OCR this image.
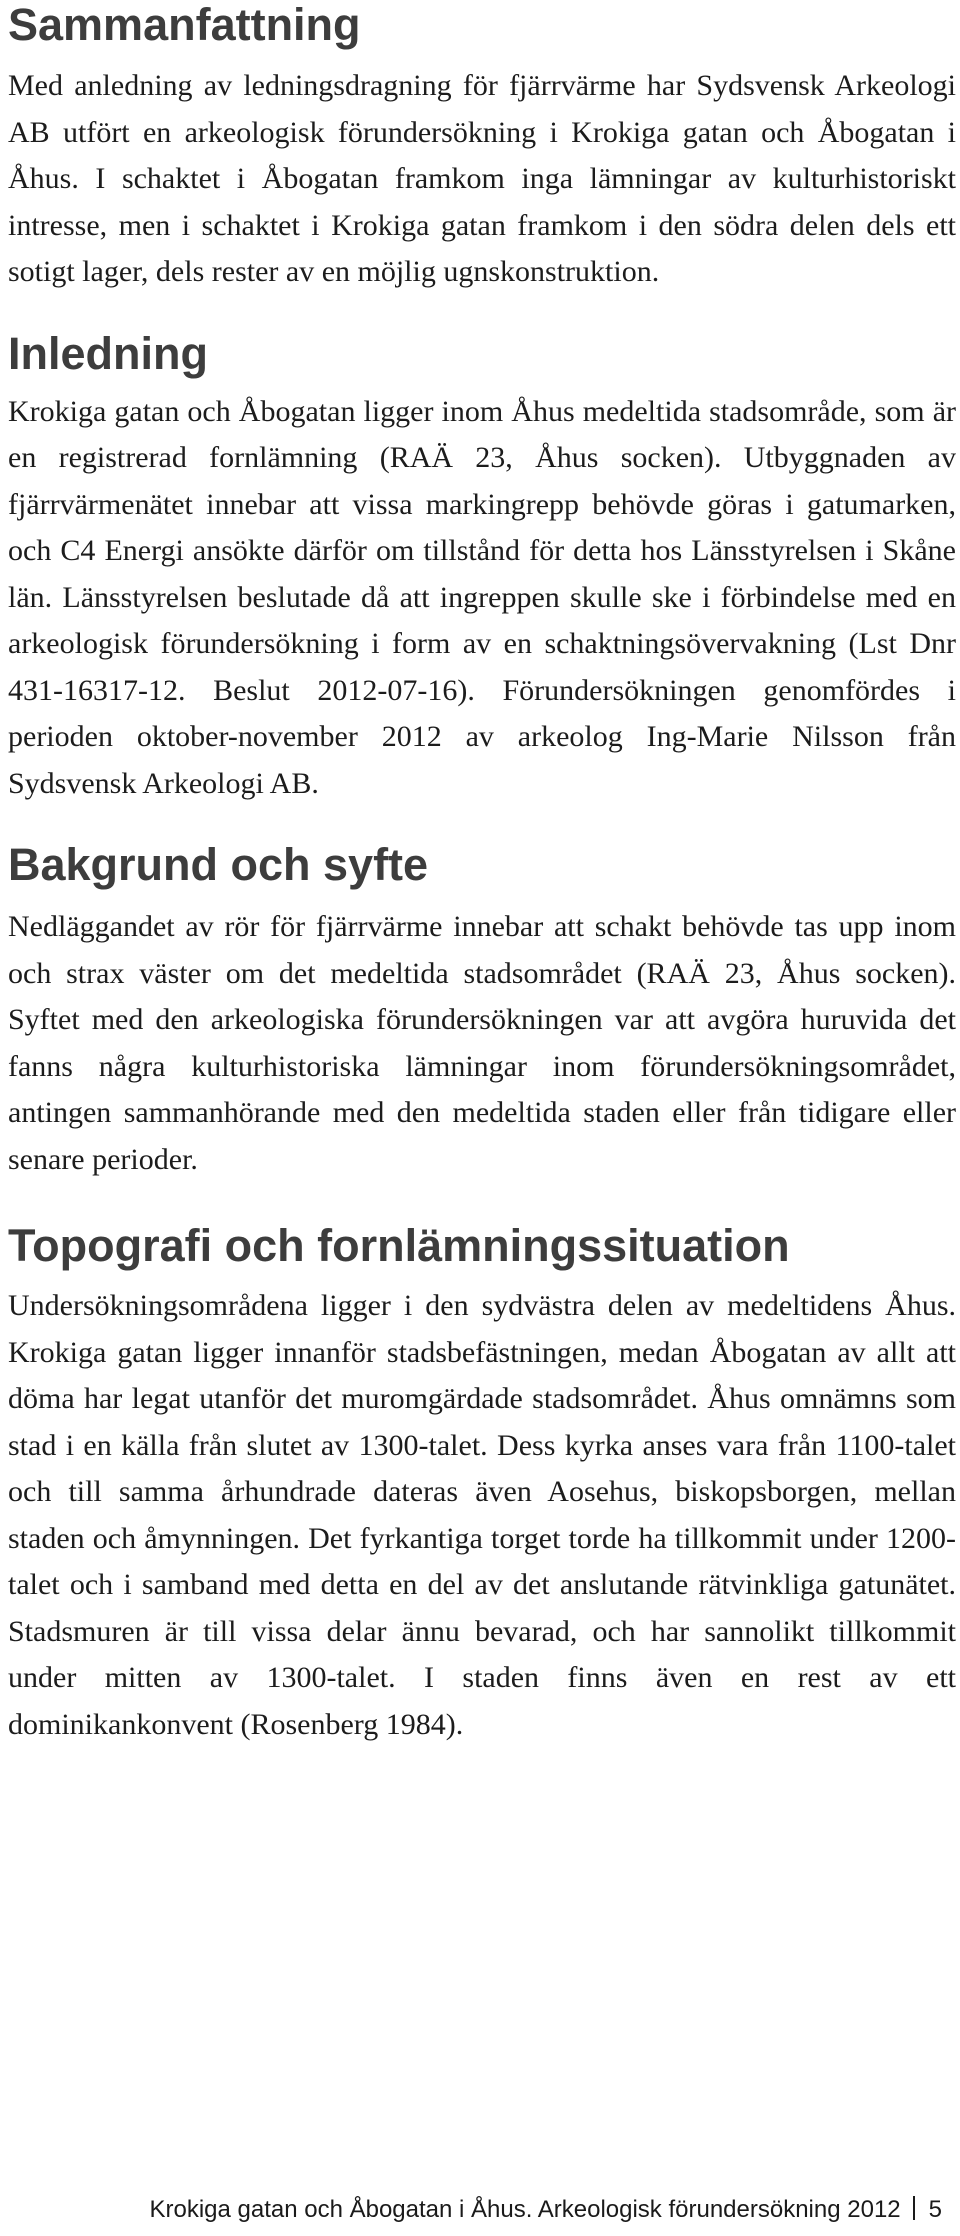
Sammanfattning

Med anledning av ledningsdragning för fjärrvärme har Sydsvensk Arkeologi AB utfört en arkeologisk förundersökning i Krokiga gatan och Åbogatan i Åhus. I schaktet i Åbogatan framkom inga lämningar av kulturhistoriskt intresse, men i schaktet i Krokiga gatan framkom i den södra delen dels ett sotigt lager, dels rester av en möjlig ugnskonstruktion.

Inledning

Krokiga gatan och Åbogatan ligger inom Åhus medeltida stadsområde, som är en registrerad fornlämning (RAÄ 23, Åhus socken). Utbyggnaden av fjärrvärmenätet innebar att vissa markingrepp behövde göras i gatumarken, och C4 Energi ansökte därför om tillstånd för detta hos Länsstyrelsen i Skåne län. Länsstyrelsen beslutade då att ingreppen skulle ske i förbindelse med en arkeologisk förundersökning i form av en schaktningsövervakning (Lst Dnr 431-16317-12. Beslut 2012-07-16). Förundersökningen genomfördes i perioden oktober-november 2012 av arkeolog Ing-Marie Nilsson från Sydsvensk Arkeologi AB.

Bakgrund och syfte

Nedläggandet av rör för fjärrvärme innebar att schakt behövde tas upp inom och strax väster om det medeltida stadsområdet (RAÄ 23, Åhus socken). Syftet med den arkeologiska förundersökningen var att avgöra huruvida det fanns några kulturhistoriska lämningar inom förundersökningsområdet, antingen sammanhörande med den medeltida staden eller från tidigare eller senare perioder.

Topografi och fornlämningssituation

Undersökningsområdena ligger i den sydvästra delen av medeltidens Åhus. Krokiga gatan ligger innanför stadsbefästningen, medan Åbogatan av allt att döma har legat utanför det muromgärdade stadsområdet. Åhus omnämns som stad i en källa från slutet av 1300-talet. Dess kyrka anses vara från 1100-talet och till samma århundrade dateras även Aosehus, biskopsborgen, mellan staden och åmynningen. Det fyrkantiga torget torde ha tillkommit under 1200-talet och i samband med detta en del av det anslutande rätvinkliga gatunätet. Stadsmuren är till vissa delar ännu bevarad, och har sannolikt tillkommit under mitten av 1300-talet. I staden finns även en rest av ett dominikankonvent (Rosenberg 1984).

Krokiga gatan och Åbogatan i Åhus. Arkeologisk förundersökning 2012 5
